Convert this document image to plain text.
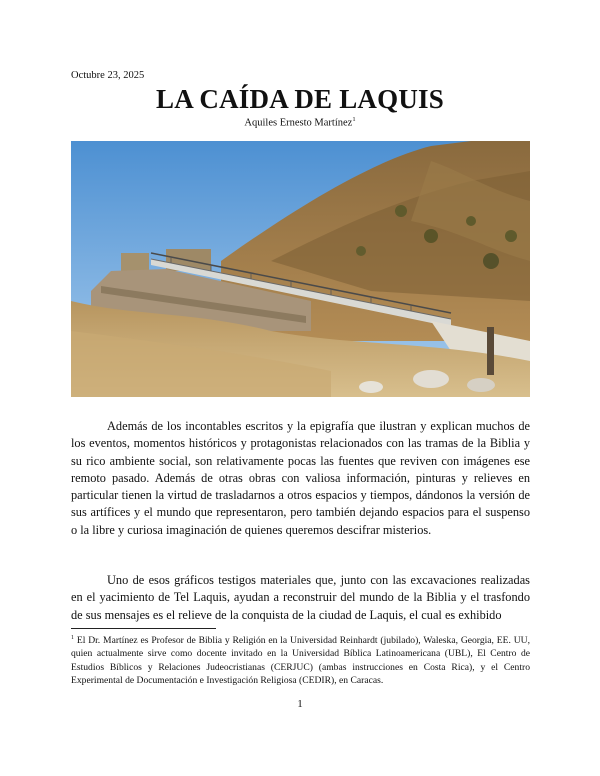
Octubre 23, 2025
LA CAÍDA DE LAQUIS
Aquiles Ernesto Martínez$^1$

Además de los incontables escritos y la epigrafía que ilustran y explican muchos de los eventos, momentos históricos y protagonistas relacionados con las tramas de la Biblia y su rico ambiente social, son relativamente pocas las fuentes que reviven con imágenes ese remoto pasado. Además de otras obras con valiosa información, pinturas y relieves en particular tienen la virtud de trasladarnos a otros espacios y tiempos, dándonos la versión de sus artífices y el mundo que representaron, pero también dejando espacios para el suspenso o la libre y curiosa imaginación de quienes queremos descifrar misterios.

Uno de esos gráficos testigos materiales que, junto con las excavaciones realizadas en el yacimiento de Tel Laquis, ayudan a reconstruir del mundo de la Biblia y el trasfondo de sus mensajes es el relieve de la conquista de la ciudad de Laquis, el cual es exhibido

$^1$ El Dr. Martínez es Profesor de Biblia y Religión en la Universidad Reinhardt (jubilado), Waleska, Georgia, EE. UU, quien actualmente sirve como docente invitado en la Universidad Bíblica Latinoamericana (UBL), El Centro de Estudios Bíblicos y Relaciones Judeocristianas (CERJUC) (ambas instrucciones en Costa Rica), y el Centro Experimental de Documentación e Investigación Religiosa (CEDIR), en Caracas.

1
